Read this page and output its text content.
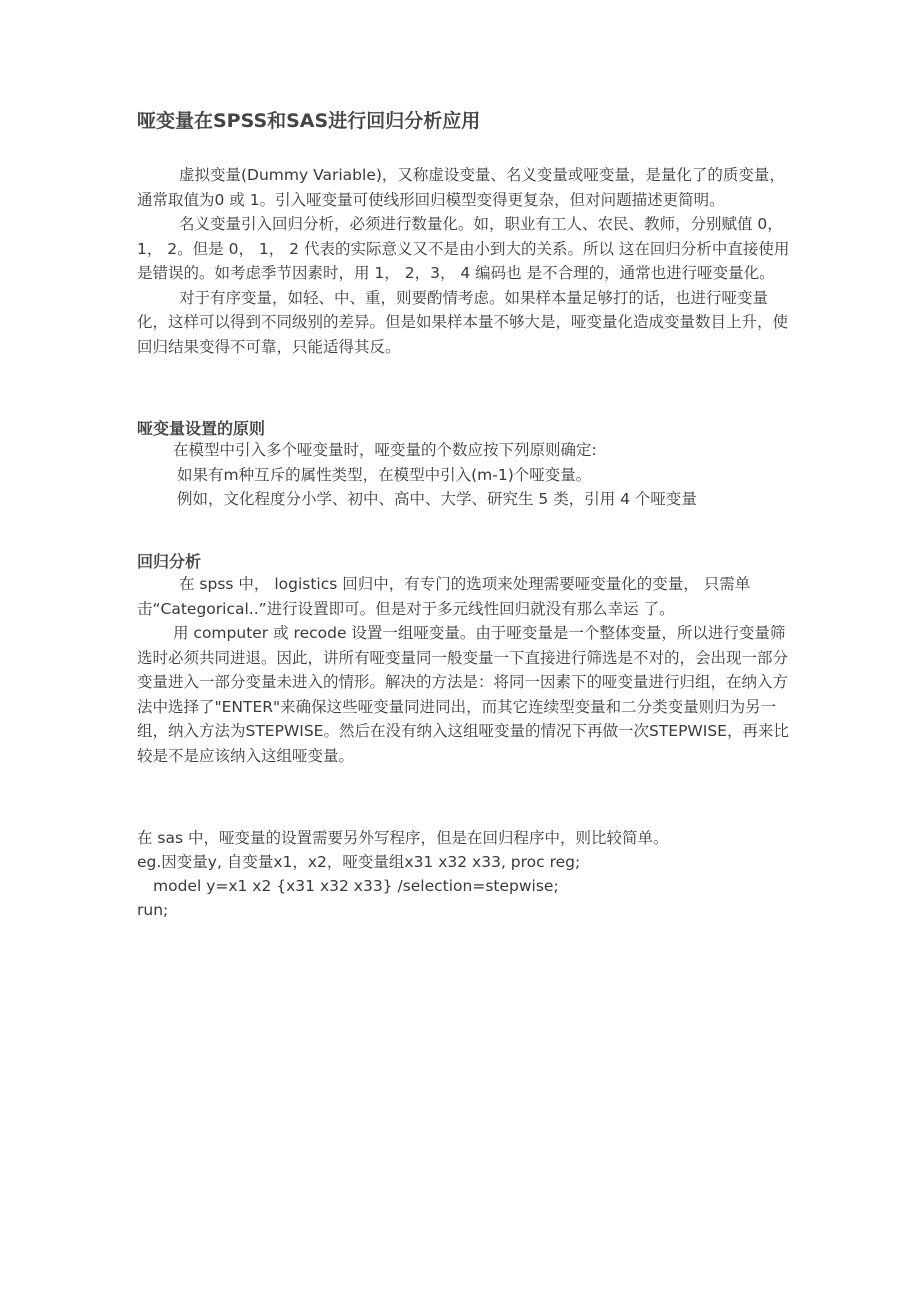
哑变量在SPSS和SAS进行回归分析应用

虚拟变量(Dummy Variable)，又称虚设变量、名义变量或哑变量，是量化了的质变量，通常取值为0 或 1。引入哑变量可使线形回归模型变得更复杂，但对问题描述更简明。

名义变量引入回归分析，必须进行数量化。如，职业有工人、农民、教师，分别赋值 0， 1， 2。但是 0， 1， 2 代表的实际意义又不是由小到大的关系。所以 这在回归分析中直接使用是错误的。如考虑季节因素时，用 1， 2，3， 4 编码也 是不合理的，通常也进行哑变量化。

对于有序变量，如轻、中、重，则要酌情考虑。如果样本量足够打的话，也进行哑变量化，这样可以得到不同级别的差异。但是如果样本量不够大是，哑变量化造成变量数目上升，使回归结果变得不可靠，只能适得其反。

哑变量设置的原则

在模型中引入多个哑变量时，哑变量的个数应按下列原则确定:

如果有m种互斥的属性类型，在模型中引入(m-1)个哑变量。

例如，文化程度分小学、初中、高中、大学、研究生 5 类，引用 4 个哑变量

回归分析

在 spss 中， logistics 回归中，有专门的选项来处理需要哑变量化的变量， 只需单击“Categorical..”进行设置即可。但是对于多元线性回归就没有那么幸运 了。

用 computer 或 recode 设置一组哑变量。由于哑变量是一个整体变量，所以进行变量筛选时必须共同进退。因此，讲所有哑变量同一般变量一下直接进行筛选是不对的，会出现一部分变量进入一部分变量未进入的情形。解决的方法是：将同一因素下的哑变量进行归组，在纳入方法中选择了"ENTER"来确保这些哑变量同进同出，而其它连续型变量和二分类变量则归为另一组，纳入方法为STEPWISE。然后在没有纳入这组哑变量的情况下再做一次STEPWISE，再来比较是不是应该纳入这组哑变量。

在 sas 中，哑变量的设置需要另外写程序，但是在回归程序中，则比较简单。

eg.因变量y, 自变量x1，x2，哑变量组x31 x32 x33, proc reg;

model y=x1 x2 {x31 x32 x33} /selection=stepwise;

run;
